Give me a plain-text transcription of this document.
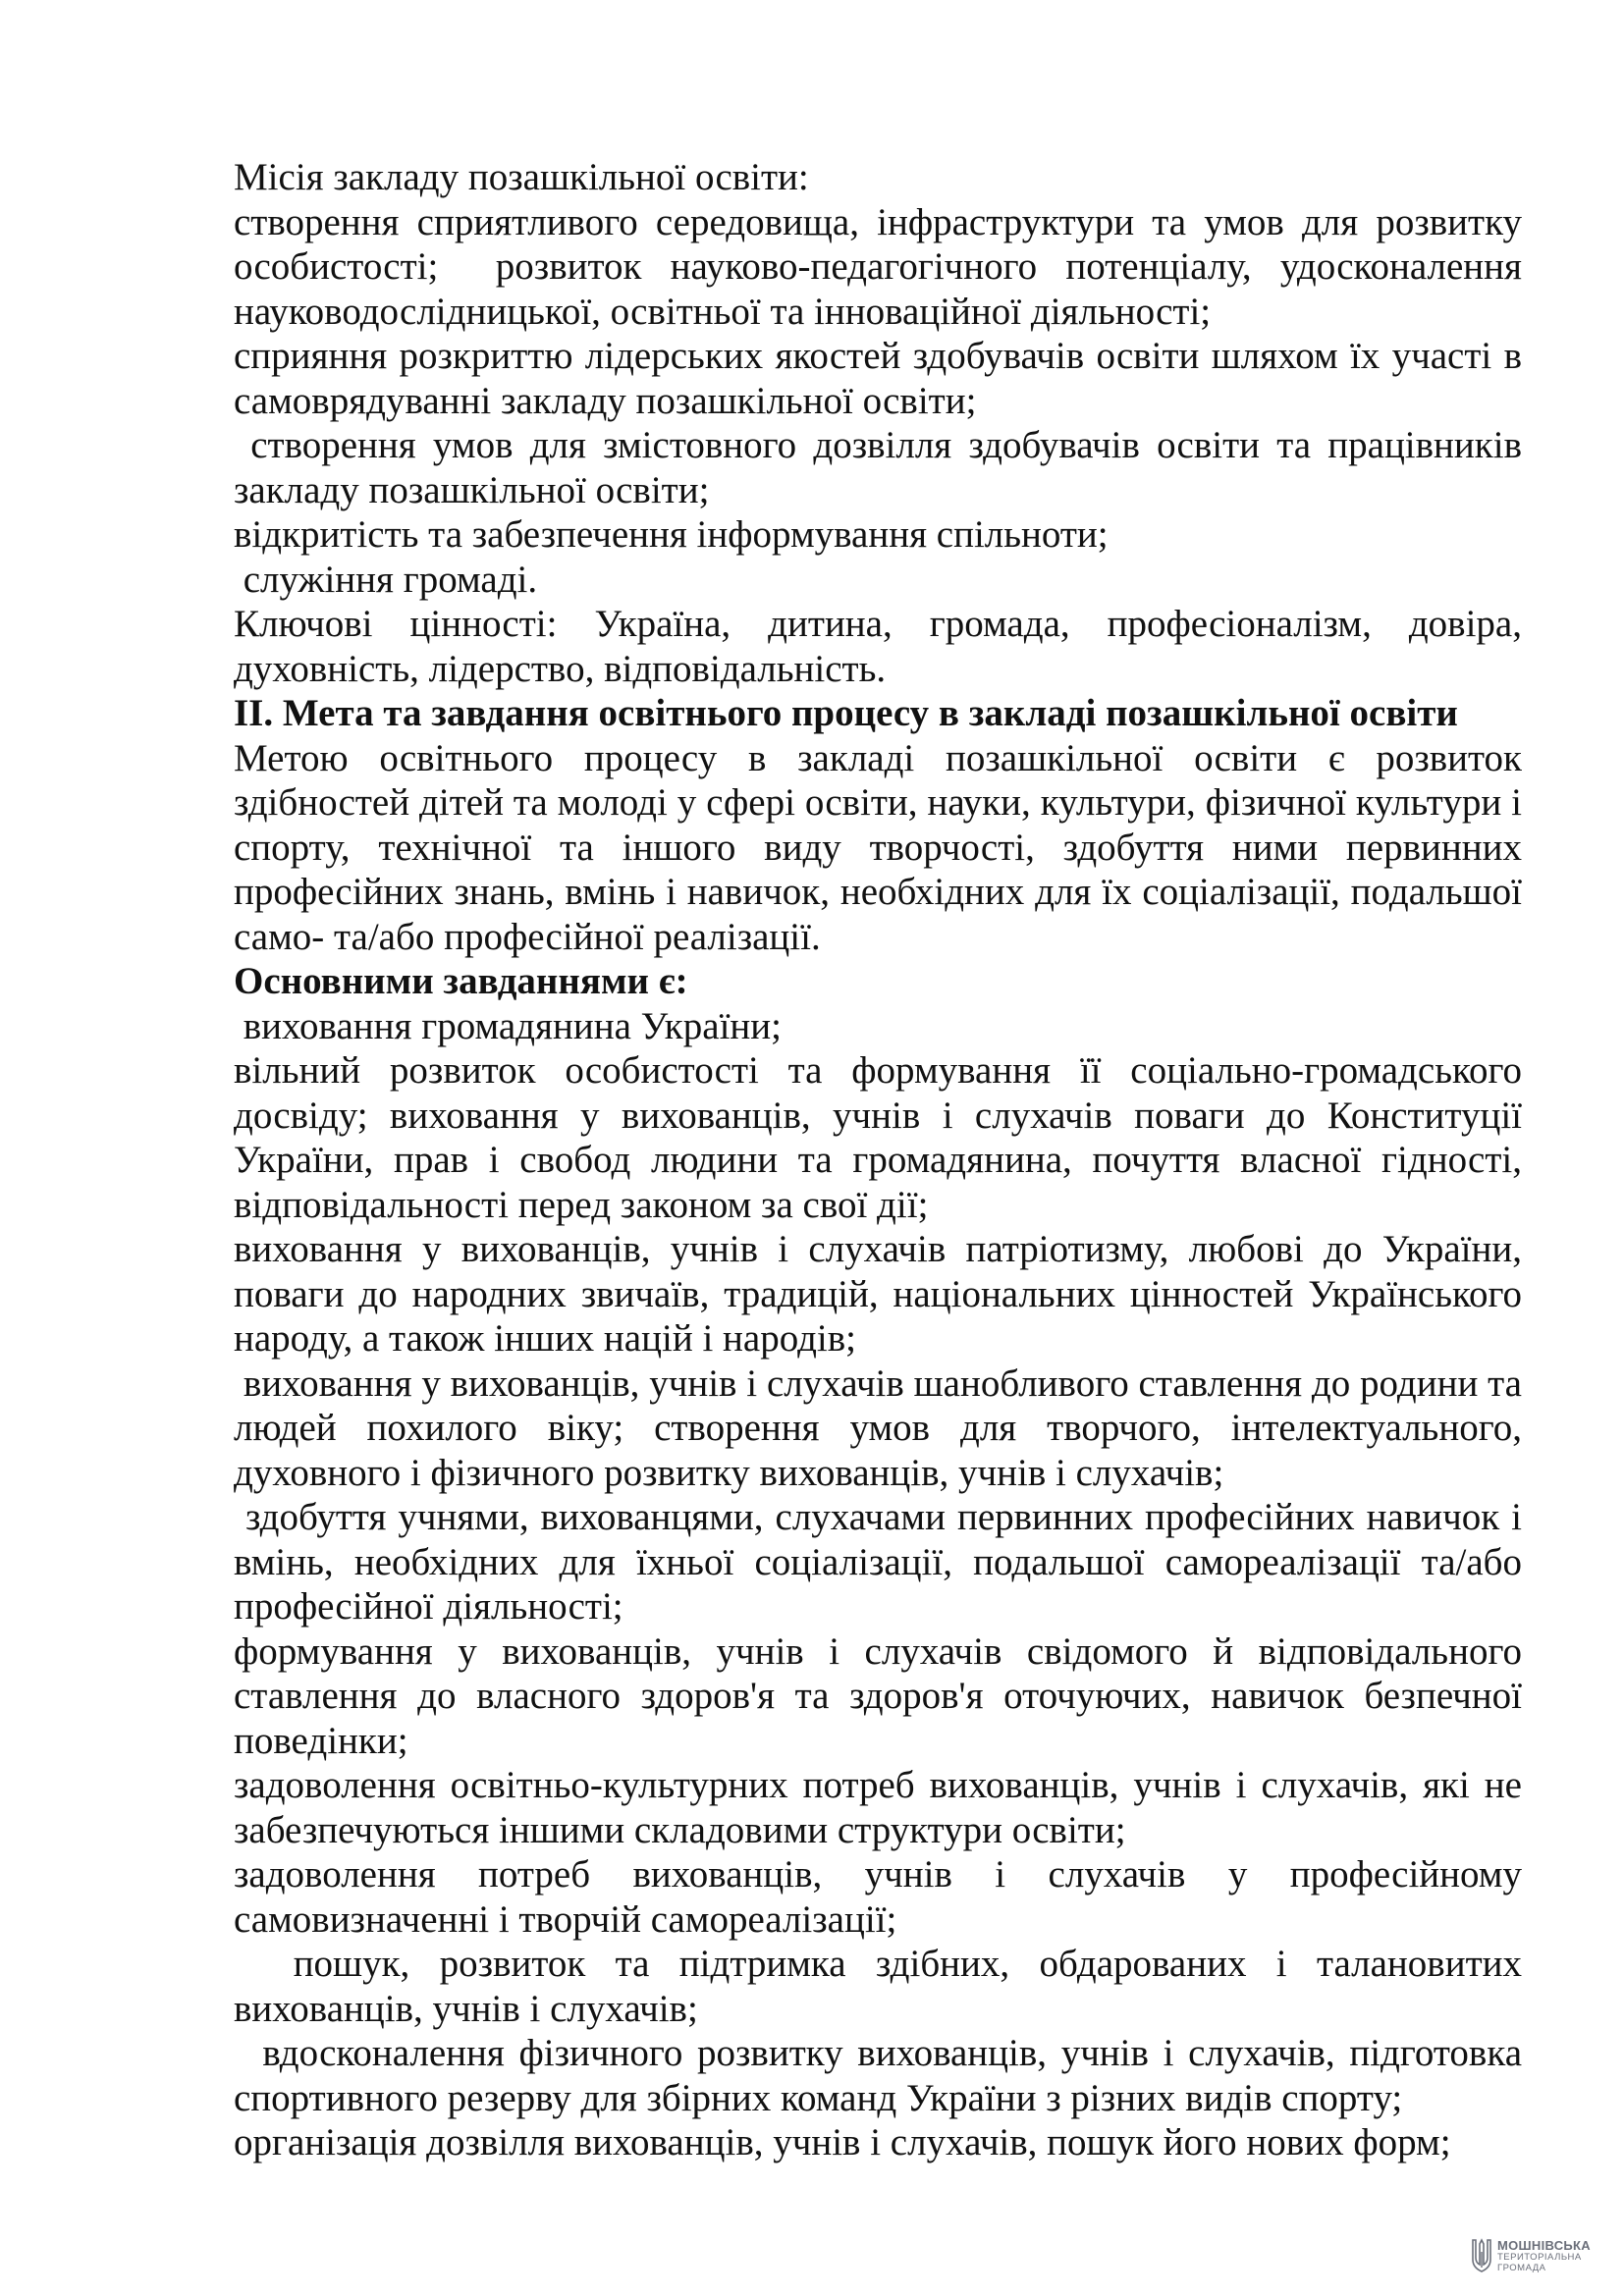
Місія закладу позашкільної освіти:

створення сприятливого середовища, інфраструктури та умов для розвитку особистості;  розвиток науково-педагогічного потенціалу, удосконалення науководослідницької, освітньої та інноваційної діяльності;

сприяння розкриттю лідерських якостей здобувачів освіти шляхом їх участі в самоврядуванні закладу позашкільної освіти;

створення умов для змістовного дозвілля здобувачів освіти та працівників закладу позашкільної освіти;

відкритість та забезпечення інформування спільноти;

служіння громаді.

Ключові цінності: Україна, дитина, громада, професіоналізм, довіра, духовність, лідерство, відповідальність.

ІІ. Мета та завдання освітнього процесу в закладі позашкільної освіти

Метою освітнього процесу в закладі позашкільної освіти є розвиток здібностей дітей та молоді у сфері освіти, науки, культури, фізичної культури і спорту, технічної та іншого виду творчості, здобуття ними первинних професійних знань, вмінь і навичок, необхідних для їх соціалізації, подальшої само- та/або професійної реалізації.

Основними завданнями є:

виховання громадянина України;

вільний розвиток особистості та формування її соціально-громадського досвіду; виховання у вихованців, учнів і слухачів поваги до Конституції України, прав і свобод людини та громадянина, почуття власної гідності, відповідальності перед законом за свої дії;

виховання у вихованців, учнів і слухачів патріотизму, любові до України, поваги до народних звичаїв, традицій, національних цінностей Українського народу, а також інших націй і народів;

виховання у вихованців, учнів і слухачів шанобливого ставлення до родини та людей похилого віку; створення умов для творчого, інтелектуального, духовного і фізичного розвитку вихованців, учнів і слухачів;

здобуття учнями, вихованцями, слухачами первинних професійних навичок і вмінь, необхідних для їхньої соціалізації, подальшої самореалізації та/або професійної діяльності;

формування у вихованців, учнів і слухачів свідомого й відповідального ставлення до власного здоров'я та здоров'я оточуючих, навичок безпечної поведінки;

задоволення освітньо-культурних потреб вихованців, учнів і слухачів, які не забезпечуються іншими складовими структури освіти;

задоволення потреб вихованців, учнів і слухачів у професійному самовизначенні і творчій самореалізації;

пошук, розвиток та підтримка здібних, обдарованих і талановитих вихованців, учнів і слухачів;

вдосконалення фізичного розвитку вихованців, учнів і слухачів, підготовка спортивного резерву для збірних команд України з різних видів спорту;

організація дозвілля вихованців, учнів і слухачів, пошук його нових форм;

МОШНІВСЬКА
ТЕРИТОРІАЛЬНА
ГРОМАДА
